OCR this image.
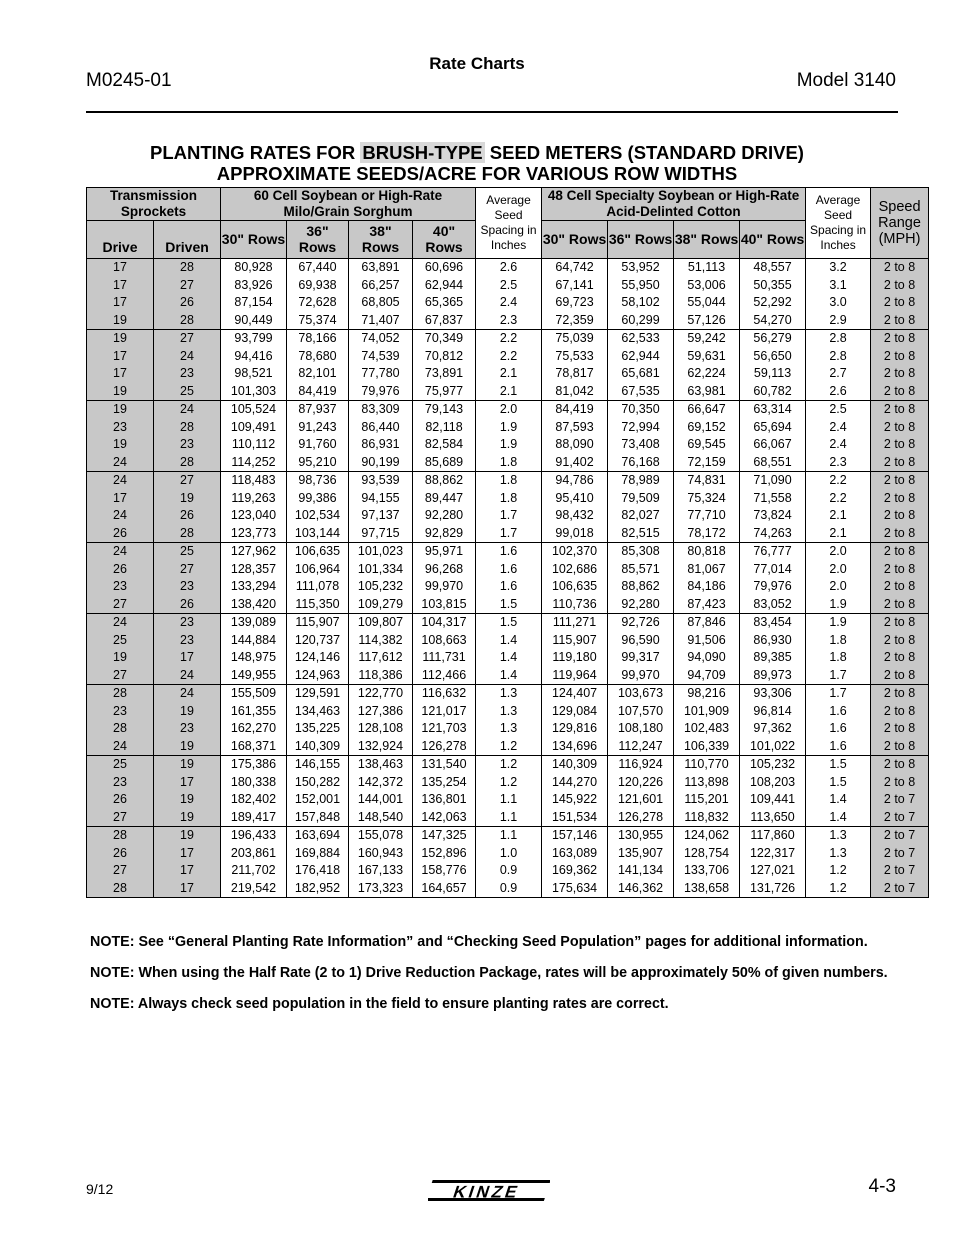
M0245-01
Rate Charts
Model 3140
PLANTING RATES FOR BRUSH-TYPE SEED METERS (STANDARD DRIVE)
APPROXIMATE SEEDS/ACRE FOR VARIOUS ROW WIDTHS
Transmission Sprockets		60 Cell Soybean or High-Rate Milo/Grain Sorghum				Average Seed Spacing in Inches	48 Cell Specialty Soybean or High-Rate Acid-Delinted Cotton				Average Seed Spacing in Inches	Speed Range (MPH)
Drive	Driven	30" Rows	36" Rows	38" Rows	40" Rows		30" Rows	36" Rows	38" Rows	40" Rows		
17	28	80,928	67,440	63,891	60,696	2.6	64,742	53,952	51,113	48,557	3.2	2 to 8
17	27	83,926	69,938	66,257	62,944	2.5	67,141	55,950	53,006	50,355	3.1	2 to 8
17	26	87,154	72,628	68,805	65,365	2.4	69,723	58,102	55,044	52,292	3.0	2 to 8
19	28	90,449	75,374	71,407	67,837	2.3	72,359	60,299	57,126	54,270	2.9	2 to 8
19	27	93,799	78,166	74,052	70,349	2.2	75,039	62,533	59,242	56,279	2.8	2 to 8
17	24	94,416	78,680	74,539	70,812	2.2	75,533	62,944	59,631	56,650	2.8	2 to 8
17	23	98,521	82,101	77,780	73,891	2.1	78,817	65,681	62,224	59,113	2.7	2 to 8
19	25	101,303	84,419	79,976	75,977	2.1	81,042	67,535	63,981	60,782	2.6	2 to 8
19	24	105,524	87,937	83,309	79,143	2.0	84,419	70,350	66,647	63,314	2.5	2 to 8
23	28	109,491	91,243	86,440	82,118	1.9	87,593	72,994	69,152	65,694	2.4	2 to 8
19	23	110,112	91,760	86,931	82,584	1.9	88,090	73,408	69,545	66,067	2.4	2 to 8
24	28	114,252	95,210	90,199	85,689	1.8	91,402	76,168	72,159	68,551	2.3	2 to 8
24	27	118,483	98,736	93,539	88,862	1.8	94,786	78,989	74,831	71,090	2.2	2 to 8
17	19	119,263	99,386	94,155	89,447	1.8	95,410	79,509	75,324	71,558	2.2	2 to 8
24	26	123,040	102,534	97,137	92,280	1.7	98,432	82,027	77,710	73,824	2.1	2 to 8
26	28	123,773	103,144	97,715	92,829	1.7	99,018	82,515	78,172	74,263	2.1	2 to 8
24	25	127,962	106,635	101,023	95,971	1.6	102,370	85,308	80,818	76,777	2.0	2 to 8
26	27	128,357	106,964	101,334	96,268	1.6	102,686	85,571	81,067	77,014	2.0	2 to 8
23	23	133,294	111,078	105,232	99,970	1.6	106,635	88,862	84,186	79,976	2.0	2 to 8
27	26	138,420	115,350	109,279	103,815	1.5	110,736	92,280	87,423	83,052	1.9	2 to 8
24	23	139,089	115,907	109,807	104,317	1.5	111,271	92,726	87,846	83,454	1.9	2 to 8
25	23	144,884	120,737	114,382	108,663	1.4	115,907	96,590	91,506	86,930	1.8	2 to 8
19	17	148,975	124,146	117,612	111,731	1.4	119,180	99,317	94,090	89,385	1.8	2 to 8
27	24	149,955	124,963	118,386	112,466	1.4	119,964	99,970	94,709	89,973	1.7	2 to 8
28	24	155,509	129,591	122,770	116,632	1.3	124,407	103,673	98,216	93,306	1.7	2 to 8
23	19	161,355	134,463	127,386	121,017	1.3	129,084	107,570	101,909	96,814	1.6	2 to 8
28	23	162,270	135,225	128,108	121,703	1.3	129,816	108,180	102,483	97,362	1.6	2 to 8
24	19	168,371	140,309	132,924	126,278	1.2	134,696	112,247	106,339	101,022	1.6	2 to 8
25	19	175,386	146,155	138,463	131,540	1.2	140,309	116,924	110,770	105,232	1.5	2 to 8
23	17	180,338	150,282	142,372	135,254	1.2	144,270	120,226	113,898	108,203	1.5	2 to 8
26	19	182,402	152,001	144,001	136,801	1.1	145,922	121,601	115,201	109,441	1.4	2 to 7
27	19	189,417	157,848	148,540	142,063	1.1	151,534	126,278	118,832	113,650	1.4	2 to 7
28	19	196,433	163,694	155,078	147,325	1.1	157,146	130,955	124,062	117,860	1.3	2 to 7
26	17	203,861	169,884	160,943	152,896	1.0	163,089	135,907	128,754	122,317	1.3	2 to 7
27	17	211,702	176,418	167,133	158,776	0.9	169,362	141,134	133,706	127,021	1.2	2 to 7
28	17	219,542	182,952	173,323	164,657	0.9	175,634	146,362	138,658	131,726	1.2	2 to 7

NOTE: See “General Planting Rate Information” and “Checking Seed Population” pages for additional information.

NOTE: When using the Half Rate (2 to 1) Drive Reduction Package, rates will be approximately 50% of given numbers.

NOTE: Always check seed population in the field to ensure planting rates are correct.

9/12	KINZE	4-3
